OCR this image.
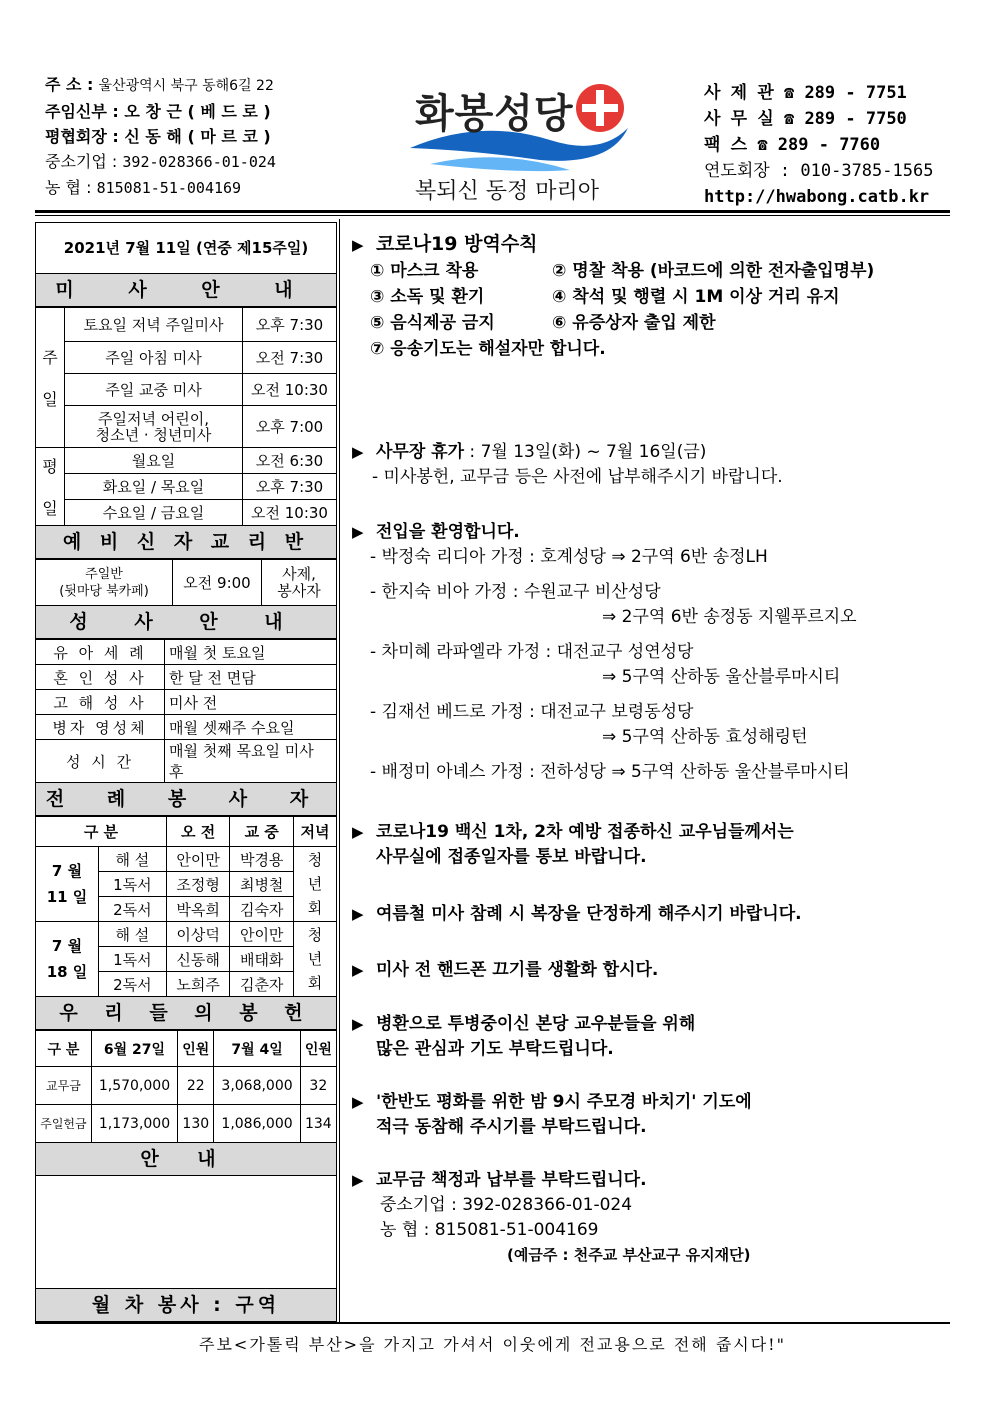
주 소 : 울산광역시 북구 동해6길 22
주임신부 : 오 창 근 ( 베 드 로 )
평협회장 : 신 동 해 ( 마 르 코 )
중소기업 : 392-028366-01-024
농 협 : 815081-51-004169
화봉성당
복되신 동정 마리아
사 제 관 ☎ 289 - 7751
사 무 실 ☎ 289 - 7750
팩 스 ☎ 289 - 7760
연도회장 : 010-3785-1565
http://hwabong.catb.kr
2021년 7월 11일 (연중 제15주일)
미 사 안 내
주

일	토요일 저녁 주일미사	오후 7:30
	주일 아침 미사	오전 7:30
	주일 교중 미사	오전 10:30
	주일저녁 어린이,
청소년 · 청년미사	오후 7:00
평

일	월요일	오전 6:30
	화요일 / 목요일	오후 7:30
	수요일 / 금요일	오전 10:30
예 비 신 자 교 리 반
주일반
(뒷마당 북카페)	오전 9:00	사제,
봉사자
성 사 안 내
유 아 세 례	매월 첫 토요일
혼 인 성 사	한 달 전 면담
고 해 성 사	미사 전
병자 영성체	매월 셋째주 수요일
성 시 간	매월 첫째 목요일 미사 후
전 례 봉 사 자
구 분		오 전	교 중	저녁
7 월
11 일	해 설	안이만	박경용	청
년
회
	1독서	조정형	최병철	
	2독서	박옥희	김숙자	
7 월
18 일	해 설	이상덕	안이만	청
년
회
	1독서	신동해	배태화	
	2독서	노희주	김춘자	
우 리 들 의 봉 헌
구 분	6월 27일	인원	7월 4일	인원
교무금	1,570,000	22	3,068,000	32
주일헌금	1,173,000	130	1,086,000	134
안 내
월 차 봉사 : 구역
▶ 코로나19 방역수칙
① 마스크 착용	② 명찰 착용 (바코드에 의한 전자출입명부)
③ 소독 및 환기	④ 착석 및 행렬 시 1M 이상 거리 유지
⑤ 음식제공 금지	⑥ 유증상자 출입 제한
⑦ 응송기도는 해설자만 합니다.
▶ 사무장 휴가 : 7월 13일(화) ~ 7월 16일(금)
- 미사봉헌, 교무금 등은 사전에 납부해주시기 바랍니다.
▶ 전입을 환영합니다.
- 박정숙 리디아 가정 : 호계성당 ⇒ 2구역 6반 송정LH
- 한지숙 비아 가정 : 수원교구 비산성당
⇒ 2구역 6반 송정동 지웰푸르지오
- 차미혜 라파엘라 가정 : 대전교구 성연성당
⇒ 5구역 산하동 울산블루마시티
- 김재선 베드로 가정 : 대전교구 보령동성당
⇒ 5구역 산하동 효성해링턴
- 배정미 아녜스 가정 : 전하성당 ⇒ 5구역 산하동 울산블루마시티
▶ 코로나19 백신 1차, 2차 예방 접종하신 교우님들께서는
사무실에 접종일자를 통보 바랍니다.
▶ 여름철 미사 참례 시 복장을 단정하게 해주시기 바랍니다.
▶ 미사 전 핸드폰 끄기를 생활화 합시다.
▶ 병환으로 투병중이신 본당 교우분들을 위해
많은 관심과 기도 부탁드립니다.
▶ '한반도 평화를 위한 밤 9시 주모경 바치기' 기도에
적극 동참해 주시기를 부탁드립니다.
▶ 교무금 책정과 납부를 부탁드립니다.
중소기업 : 392-028366-01-024
농 협 : 815081-51-004169
(예금주 : 천주교 부산교구 유지재단)
주보<가톨릭 부산>을 가지고 가셔서 이웃에게 전교용으로 전해 줍시다!"
